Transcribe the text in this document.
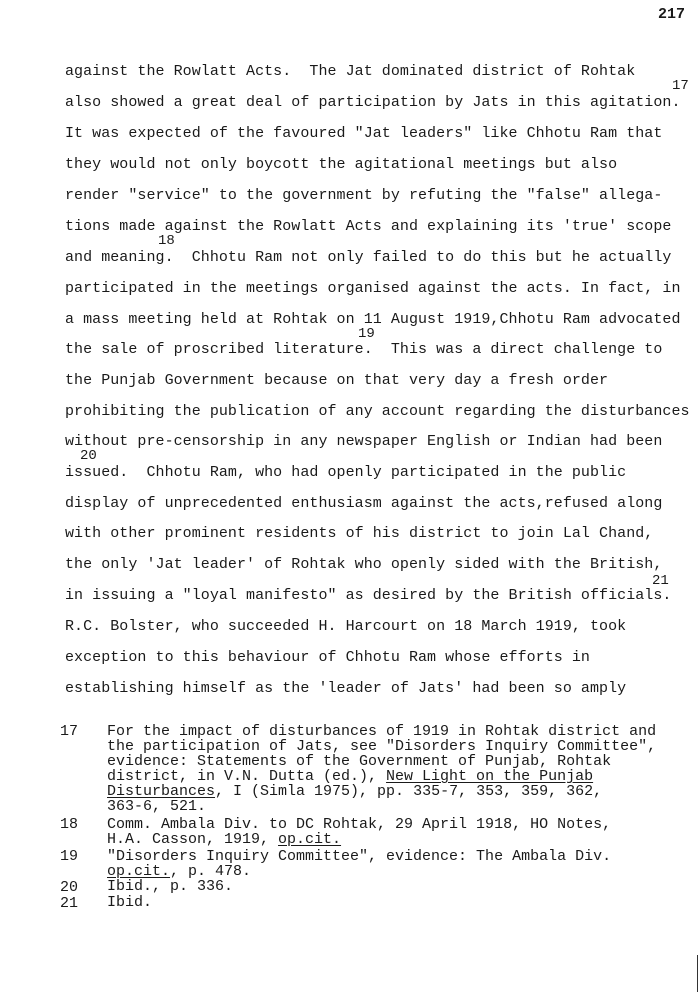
217
against the Rowlatt Acts.  The Jat dominated district of Rohtak
17
also showed a great deal of participation by Jats in this agitation.
It was expected of the favoured "Jat leaders" like Chhotu Ram that
they would not only boycott the agitational meetings but also
render "service" to the government by refuting the "false" allega-
tions made against the Rowlatt Acts and explaining its 'true' scope
18
and meaning.  Chhotu Ram not only failed to do this but he actually
participated in the meetings organised against the acts. In fact, in
a mass meeting held at Rohtak on 11 August 1919,Chhotu Ram advocated
19
the sale of proscribed literature.  This was a direct challenge to
the Punjab Government because on that very day a fresh order
prohibiting the publication of any account regarding the disturbances
without pre-censorship in any newspaper English or Indian had been
20
issued.  Chhotu Ram, who had openly participated in the public
display of unprecedented enthusiasm against the acts,refused along
with other prominent residents of his district to join Lal Chand,
the only 'Jat leader' of Rohtak who openly sided with the British,
21
in issuing a "loyal manifesto" as desired by the British officials.
R.C. Bolster, who succeeded H. Harcourt on 18 March 1919, took
exception to this behaviour of Chhotu Ram whose efforts in
establishing himself as the 'leader of Jats' had been so amply
17 For the impact of disturbances of 1919 in Rohtak district and
the participation of Jats, see "Disorders Inquiry Committee",
evidence: Statements of the Government of Punjab, Rohtak
district, in V.N. Dutta (ed.), New Light on the Punjab
Disturbances, I (Simla 1975), pp. 335-7, 353, 359, 362,
363-6, 521.
18 Comm. Ambala Div. to DC Rohtak, 29 April 1918, HO Notes,
H.A. Casson, 1919, op.cit.
19 "Disorders Inquiry Committee", evidence: The Ambala Div.
op.cit., p. 478.
20 Ibid., p. 336.
21 Ibid.
